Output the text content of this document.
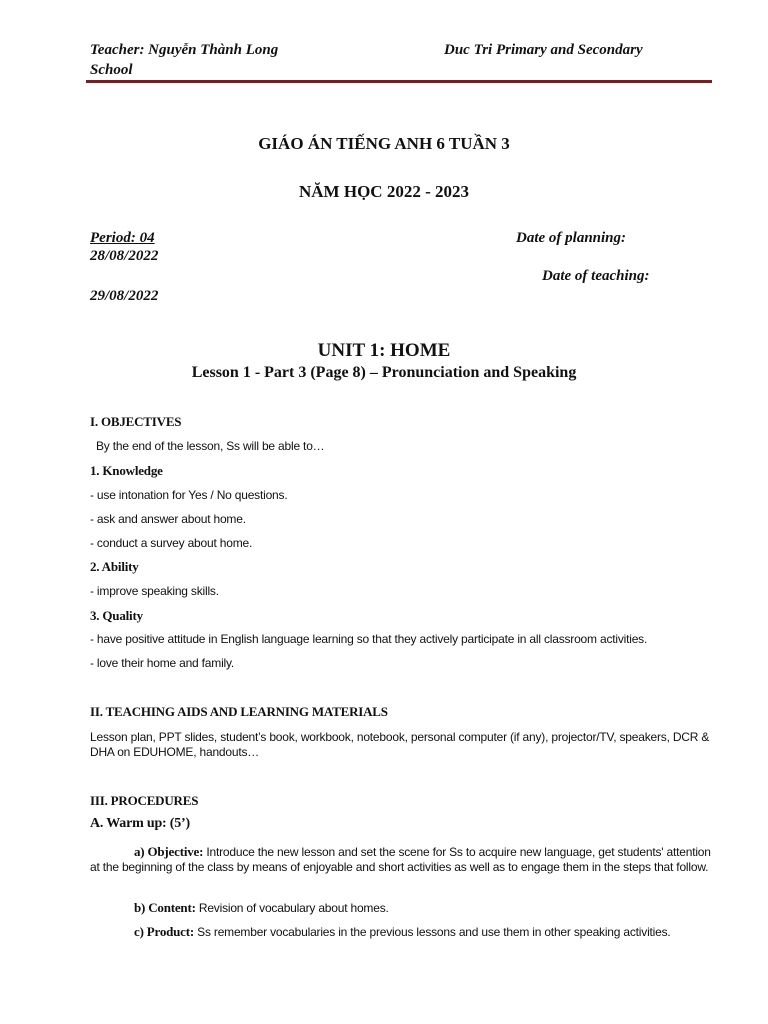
Teacher: Nguyễn Thành Long	Duc Tri Primary and Secondary
School
GIÁO ÁN TIẾNG ANH 6 TUẦN 3
NĂM HỌC 2022 - 2023
Period: 04	Date of planning:
28/08/2022
Date of teaching:
29/08/2022
UNIT 1: HOME
Lesson 1 - Part 3 (Page 8) – Pronunciation and Speaking
I. OBJECTIVES
By the end of the lesson, Ss will be able to…
1. Knowledge
- use intonation for Yes / No questions.
- ask and answer about home.
- conduct a survey about home.
2. Ability
- improve speaking skills.
3. Quality
- have positive attitude in English language learning so that they actively participate in all classroom activities.
- love their home and family.
II. TEACHING AIDS AND LEARNING MATERIALS
Lesson plan, PPT slides, student’s book, workbook, notebook, personal computer (if any), projector/TV, speakers, DCR & DHA on EDUHOME, handouts…
III. PROCEDURES
A. Warm up: (5’)
a) Objective: Introduce the new lesson and set the scene for Ss to acquire new language, get students' attention at the beginning of the class by means of enjoyable and short activities as well as to engage them in the steps that follow.
b) Content: Revision of vocabulary about homes.
c) Product: Ss remember vocabularies in the previous lessons and use them in other speaking activities.
